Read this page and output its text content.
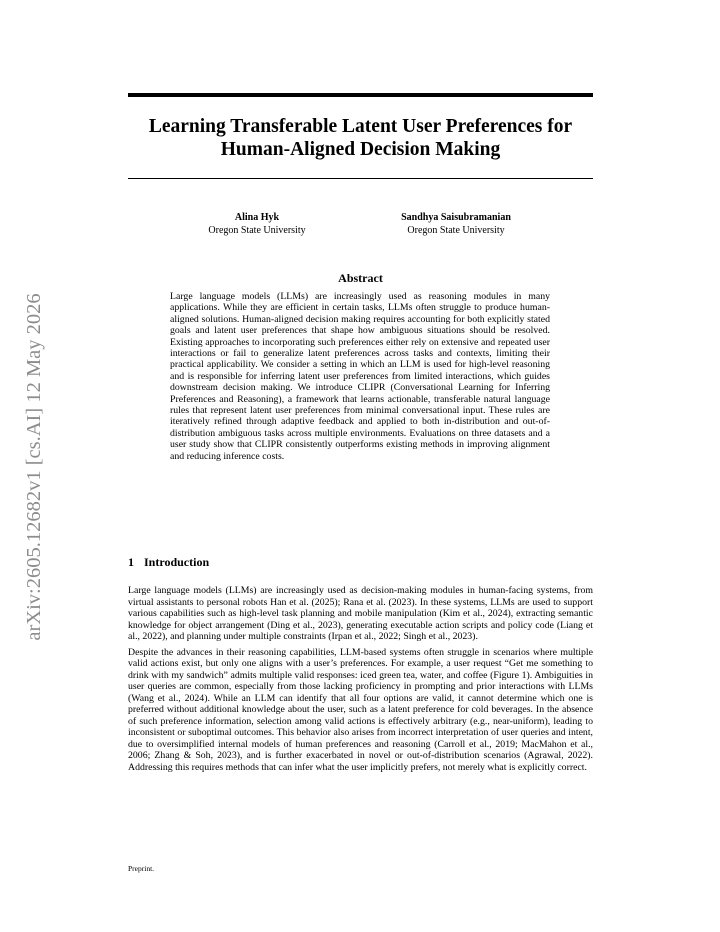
arXiv:2605.12682v1 [cs.AI] 12 May 2026
Learning Transferable Latent User Preferences for
Human-Aligned Decision Making
Alina Hyk
Oregon State University
Sandhya Saisubramanian
Oregon State University
Abstract
Large language models (LLMs) are increasingly used as reasoning modules in many applications. While they are efficient in certain tasks, LLMs often struggle to produce human-aligned solutions. Human-aligned decision making requires accounting for both explicitly stated goals and latent user preferences that shape how ambiguous situations should be resolved. Existing approaches to incorporating such preferences either rely on extensive and repeated user interactions or fail to generalize latent preferences across tasks and contexts, limiting their practical applicability. We consider a setting in which an LLM is used for high-level reasoning and is responsible for inferring latent user preferences from limited interactions, which guides downstream decision making. We introduce CLIPR (Conversational Learning for Inferring Preferences and Reasoning), a framework that learns actionable, transferable natural language rules that represent latent user preferences from minimal conversational input. These rules are iteratively refined through adaptive feedback and applied to both in-distribution and out-of-distribution ambiguous tasks across multiple environments. Evaluations on three datasets and a user study show that CLIPR consistently outperforms existing methods in improving alignment and reducing inference costs.
1 Introduction

Large language models (LLMs) are increasingly used as decision-making modules in human-facing systems, from virtual assistants to personal robots Han et al. (2025); Rana et al. (2023). In these systems, LLMs are used to support various capabilities such as high-level task planning and mobile manipulation (Kim et al., 2024), extracting semantic knowledge for object arrangement (Ding et al., 2023), generating executable action scripts and policy code (Liang et al., 2022), and planning under multiple constraints (Irpan et al., 2022; Singh et al., 2023).

Despite the advances in their reasoning capabilities, LLM-based systems often struggle in scenarios where multiple valid actions exist, but only one aligns with a user’s preferences. For example, a user request “Get me something to drink with my sandwich” admits multiple valid responses: iced green tea, water, and coffee (Figure 1). Ambiguities in user queries are common, especially from those lacking proficiency in prompting and prior interactions with LLMs (Wang et al., 2024). While an LLM can identify that all four options are valid, it cannot determine which one is preferred without additional knowledge about the user, such as a latent preference for cold beverages. In the absence of such preference information, selection among valid actions is effectively arbitrary (e.g., near-uniform), leading to inconsistent or suboptimal outcomes. This behavior also arises from incorrect interpretation of user queries and intent, due to oversimplified internal models of human preferences and reasoning (Carroll et al., 2019; MacMahon et al., 2006; Zhang & Soh, 2023), and is further exacerbated in novel or out-of-distribution scenarios (Agrawal, 2022). Addressing this requires methods that can infer what the user implicitly prefers, not merely what is explicitly correct.

Preprint.
